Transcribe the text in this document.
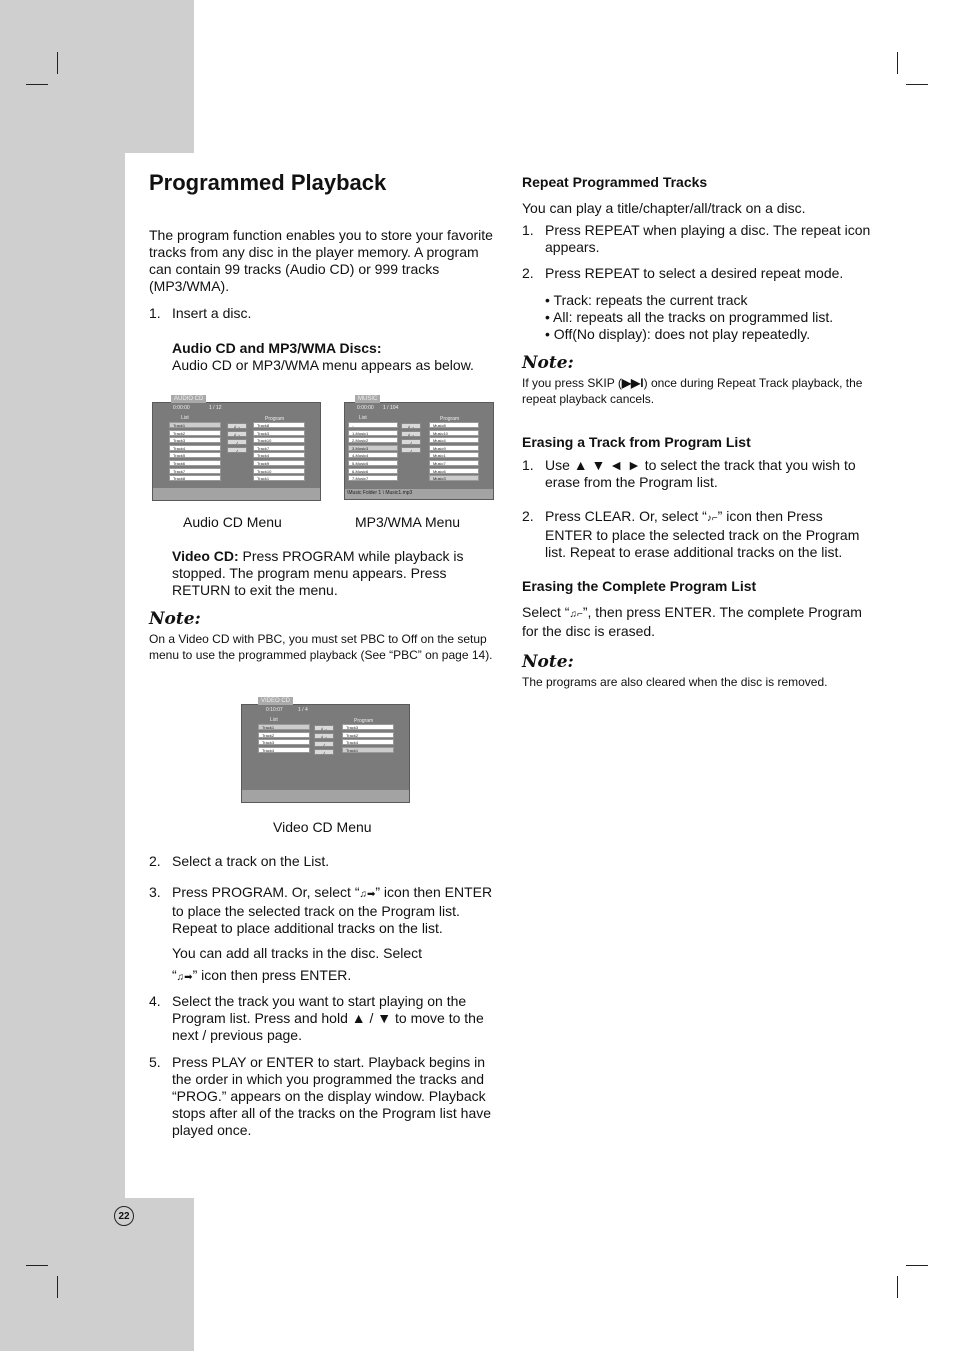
Programmed Playback
The program function enables you to store your favorite tracks from any disc in the player memory. A program can contain 99 tracks (Audio CD) or 999 tracks (MP3/WMA).
1. Insert a disc.
Audio CD and MP3/WMA Discs:
Audio CD or MP3/WMA menu appears as below.
AUDIO CD
0:00:00	1 / 12
List	Program
Track1
Track2
Track3
Track4
Track5
Track6
Track7
Track8
Track8
Track3
Track10
Track7
Track4
Track9
Track10
Track1
♫→
♫→
♪
♪
MUSIC
0:00:00 1 / 104
List	Program
..
1-Music1
2-Music2
3-Music3
4-Music4
5-Music5
6-Music6
7-Music7
Music8
Music10
Music4
Music9
Music1
Music7
Music6
Music3
♫→
♫→
♪
♪
\Music Folder 1 \ Music1.mp3
Audio CD Menu	MP3/WMA Menu
Video CD: Press PROGRAM while playback is stopped. The program menu appears. Press RETURN to exit the menu.
Note:
On a Video CD with PBC, you must set PBC to Off on the setup menu to use the programmed playback (See “PBC” on page 14).
VIDEO CD
0:10:07	1 / 4
List	Program
Track1
Track2
Track3
Track4
Track3
Track2
Track4
Track1
♫→
♫→
♪
♪
Video CD Menu
2. Select a track on the List.
3. Press PROGRAM. Or, select “♫➡” icon then ENTER to place the selected track on the Program list. Repeat to place additional tracks on the list.
You can add all tracks in the disc. Select
“♫➡” icon then press ENTER.
4. Select the track you want to start playing on the Program list. Press and hold ▲ / ▼ to move to the next / previous page.
5. Press PLAY or ENTER to start. Playback begins in the order in which you programmed the tracks and “PROG.” appears on the display window. Playback stops after all of the tracks on the Program list have played once.
Repeat Programmed Tracks
You can play a title/chapter/all/track on a disc.
1. Press REPEAT when playing a disc. The repeat icon appears.
2. Press REPEAT to select a desired repeat mode.
• Track: repeats the current track
• All: repeats all the tracks on programmed list.
• Off(No display): does not play repeatedly.
Note:
If you press SKIP (▶▶I) once during Repeat Track playback, the repeat playback cancels.
Erasing a Track from Program List
1. Use ▲ ▼ ◄ ► to select the track that you wish to erase from the Program list.
2. Press CLEAR. Or, select “♪⌐” icon then Press ENTER to place the selected track on the Program list. Repeat to erase additional tracks on the list.
Erasing the Complete Program List
Select “♫⌐”, then press ENTER. The complete Program for the disc is erased.
Note:
The programs are also cleared when the disc is removed.
22
